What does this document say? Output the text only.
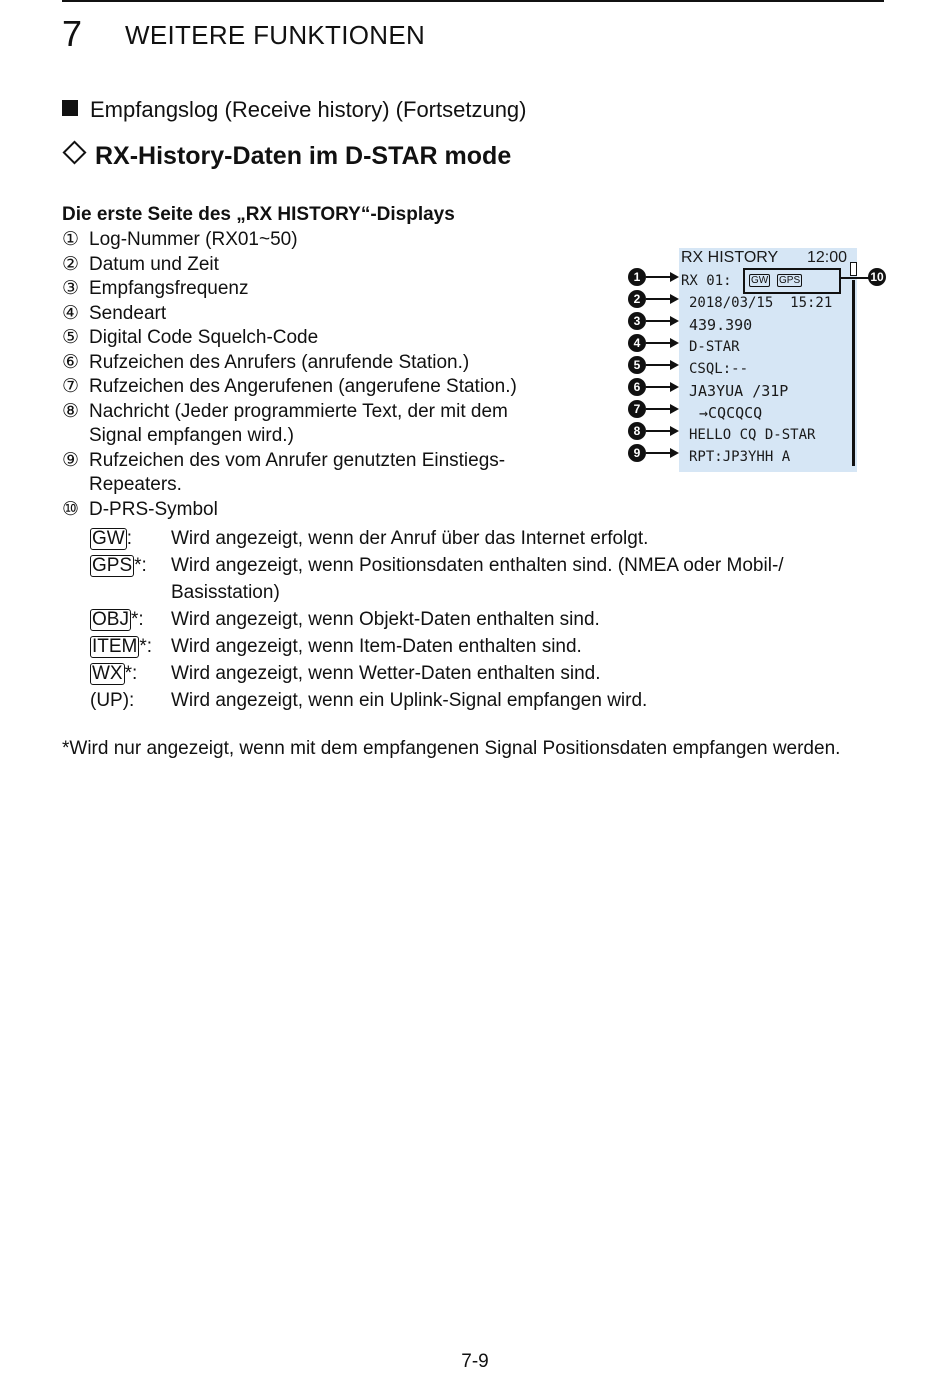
7 WEITERE FUNKTIONEN
Empfangslog (Receive history) (Fortsetzung)
RX-History-Daten im D-STAR mode
Die erste Seite des „RX HISTORY“-Displays
① Log-Nummer (RX01~50)
② Datum und Zeit
③ Empfangsfrequenz
④ Sendeart
⑤ Digital Code Squelch-Code
⑥ Rufzeichen des Anrufers (anrufende Station.)
⑦ Rufzeichen des Angerufenen (angerufene Station.)
⑧ Nachricht (Jeder programmierte Text, der mit dem Signal empfangen wird.)
⑨ Rufzeichen des vom Anrufer genutzten Einstiegs-Repeaters.
⑩ D-PRS-Symbol
GW : Wird angezeigt, wenn der Anruf über das Internet erfolgt.
GPS *: Wird angezeigt, wenn Positionsdaten enthalten sind. (NMEA oder Mobil-/ Basisstation)
OBJ *: Wird angezeigt, wenn Objekt-Daten enthalten sind.
ITEM *: Wird angezeigt, wenn Item-Daten enthalten sind.
WX *: Wird angezeigt, wenn Wetter-Daten enthalten sind.
(UP): Wird angezeigt, wenn ein Uplink-Signal empfangen wird.
*Wird nur angezeigt, wenn mit dem empfangenen Signal Positionsdaten empfangen werden.
RX HISTORY 12:00
RX 01: GW GPS
2018/03/15  15:21
439.390
D-STAR
CSQL:--
JA3YUA /31P
→CQCQCQ
HELLO CQ D-STAR
RPT:JP3YHH A
10
1
2
3
4
5
6
7
8
9
7-9
